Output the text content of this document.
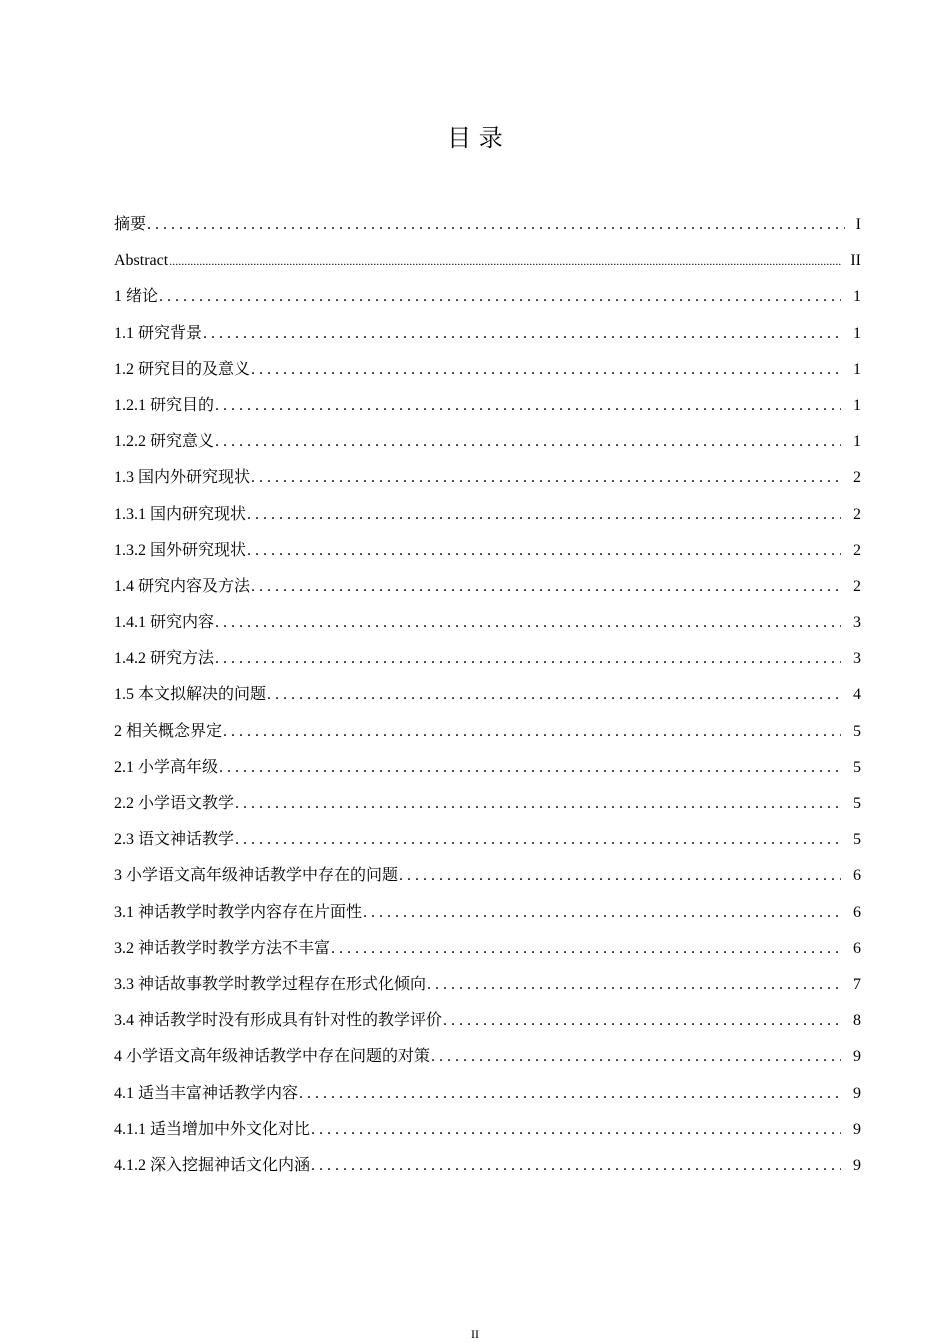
目 录
摘要 . . .	I
Abstract .....	II
1 绪论 . . .	1
1.1 研究背景 . . .	1
1.2 研究目的及意义 . . .	1
1.2.1 研究目的 . . .	1
1.2.2 研究意义 . . .	1
1.3 国内外研究现状 . . .	2
1.3.1 国内研究现状 . . .	2
1.3.2 国外研究现状 . . .	2
1.4 研究内容及方法 . . .	2
1.4.1 研究内容 . . .	3
1.4.2 研究方法 . . .	3
1.5 本文拟解决的问题 . . .	4
2 相关概念界定 . . .	5
2.1 小学高年级 . . .	5
2.2 小学语文教学 . . .	5
2.3 语文神话教学 . . .	5
3 小学语文高年级神话教学中存在的问题 . . .	6
3.1 神话教学时教学内容存在片面性 . . .	6
3.2 神话教学时教学方法不丰富 . . .	6
3.3 神话故事教学时教学过程存在形式化倾向 . . .	7
3.4 神话教学时没有形成具有针对性的教学评价 . . .	8
4 小学语文高年级神话教学中存在问题的对策 . . .	9
4.1 适当丰富神话教学内容 . . .	9
4.1.1 适当增加中外文化对比 . . .	9
4.1.2 深入挖掘神话文化内涵 . . .	9
II
